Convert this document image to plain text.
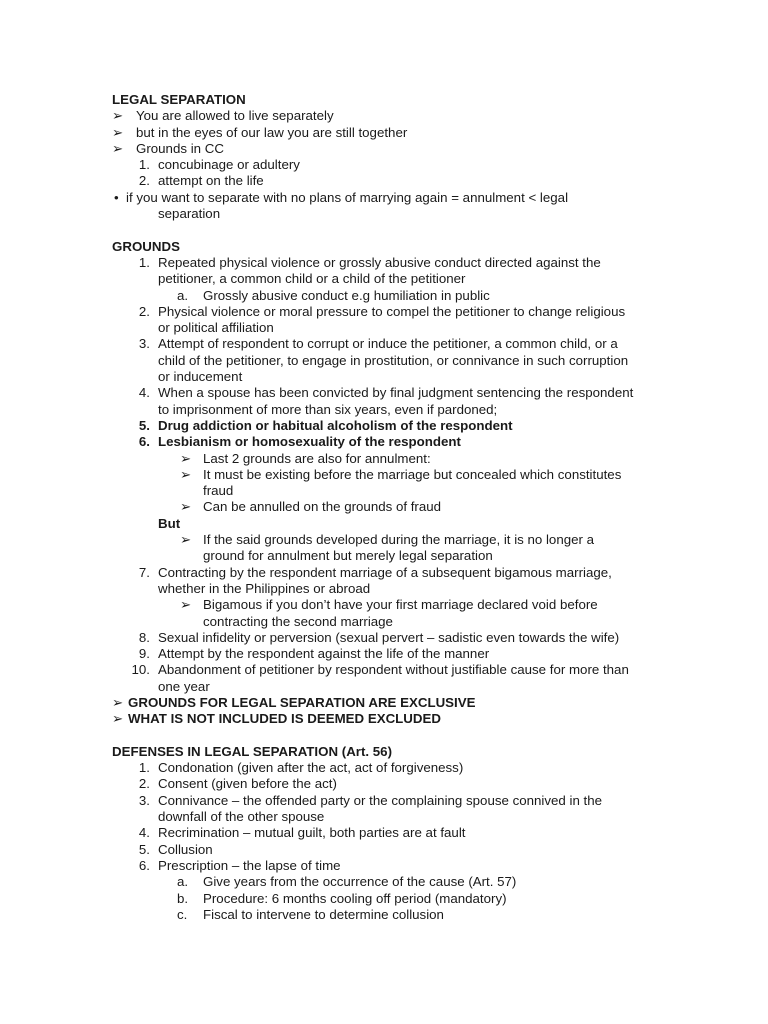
LEGAL SEPARATION
➢ You are allowed to live separately
➢ but in the eyes of our law you are still together
➢ Grounds in CC
1. concubinage or adultery
2. attempt on the life
• if you want to separate with no plans of marrying again = annulment < legal
separation
GROUNDS
1. Repeated physical violence or grossly abusive conduct directed against the
petitioner, a common child or a child of the petitioner
a.	Grossly abusive conduct e.g humiliation in public
2. Physical violence or moral pressure to compel the petitioner to change religious
or political affiliation
3. Attempt of respondent to corrupt or induce the petitioner, a common child, or a
child of the petitioner, to engage in prostitution, or connivance in such corruption
or inducement
4. When a spouse has been convicted by final judgment sentencing the respondent
to imprisonment of more than six years, even if pardoned;
5. Drug addiction or habitual alcoholism of the respondent
6. Lesbianism or homosexuality of the respondent
➢ Last 2 grounds are also for annulment:
➢ It must be existing before the marriage but concealed which constitutes
fraud
➢ Can be annulled on the grounds of fraud
But
➢ If the said grounds developed during the marriage, it is no longer a
ground for annulment but merely legal separation
7. Contracting by the respondent marriage of a subsequent bigamous marriage,
whether in the Philippines or abroad
➢ Bigamous if you don’t have your first marriage declared void before
contracting the second marriage
8. Sexual infidelity or perversion (sexual pervert – sadistic even towards the wife)
9. Attempt by the respondent against the life of the manner
10. Abandonment of petitioner by respondent without justifiable cause for more than
one year
➢ GROUNDS FOR LEGAL SEPARATION ARE EXCLUSIVE
➢ WHAT IS NOT INCLUDED IS DEEMED EXCLUDED
DEFENSES IN LEGAL SEPARATION (Art. 56)
1. Condonation (given after the act, act of forgiveness)
2. Consent (given before the act)
3. Connivance – the offended party or the complaining spouse connived in the
downfall of the other spouse
4. Recrimination – mutual guilt, both parties are at fault
5. Collusion
6. Prescription – the lapse of time
a.	Give years from the occurrence of the cause (Art. 57)
b.	Procedure: 6 months cooling off period (mandatory)
c.	Fiscal to intervene to determine collusion
